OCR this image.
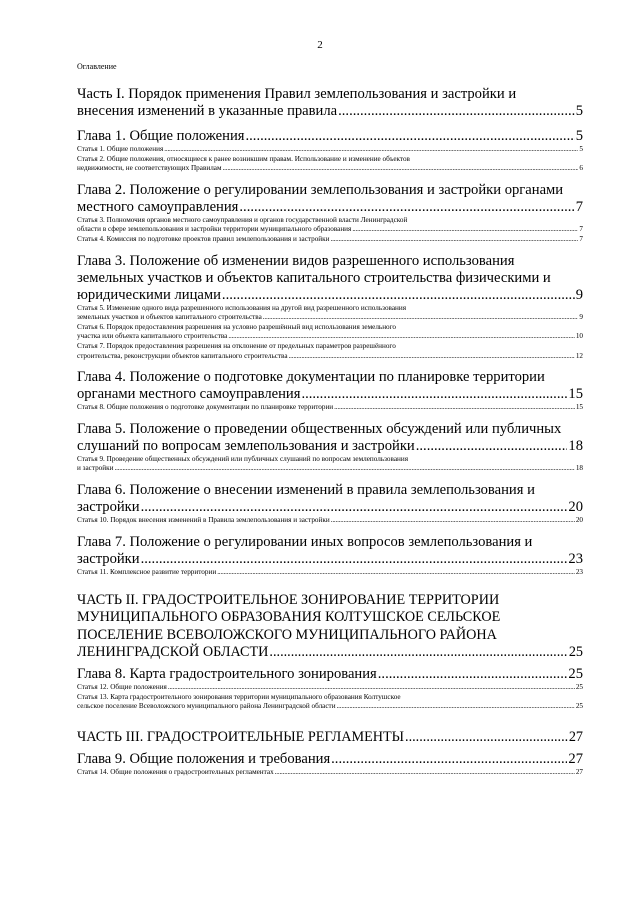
2
Оглавление
Часть I. Порядок применения Правил землепользования и застройки и
внесения изменений в указанные правила .....	5
Глава 1. Общие положения .....	5
Статья 1. Общие положения .....	5
Статья 2. Общие положения, относящиеся к ранее возникшим правам. Использование и изменение объектов
недвижимости, не соответствующих Правилам .....	6
Глава 2. Положение о регулировании землепользования и застройки органами
местного самоуправления .....	7
Статья 3. Полномочия органов местного самоуправления и органов государственной власти Ленинградской
области в сфере землепользования и застройки территории муниципального образования .....	7
Статья 4. Комиссия по подготовке проектов правил землепользования и застройки .....	7
Глава 3. Положение об изменении видов разрешенного использования земельных участков и объектов капитального строительства физическими и
юридическими лицами .....	9
Статья 5. Изменение одного вида разрешенного использования на другой вид разрешенного использования
земельных участков и объектов капитального строительства .....	9
Статья 6. Порядок предоставления разрешения на условно разрешённый вид использования земельного
участка или объекта капитального строительства .....	10
Статья 7. Порядок предоставления разрешения на отклонение от предельных параметров разрешённого
строительства, реконструкции объектов капитального строительства .....	12
Глава 4. Положение о подготовке документации по планировке территории
органами местного самоуправления .....	15
Статья 8. Общие положения о подготовке документации по планировке территории .....	15
Глава 5. Положение о проведении общественных обсуждений или публичных
слушаний по вопросам землепользования и застройки .....	18
Статья 9. Проведение общественных обсуждений или публичных слушаний по вопросам землепользования
и застройки .....	18
Глава 6. Положение о внесении изменений в правила землепользования и
застройки .....	20
Статья 10. Порядок внесения изменений в Правила землепользования и застройки .....	20
Глава 7. Положение о регулировании иных вопросов землепользования и
застройки .....	23
Статья 11. Комплексное развитие территории .....	23
ЧАСТЬ II. ГРАДОСТРОИТЕЛЬНОЕ ЗОНИРОВАНИЕ ТЕРРИТОРИИ МУНИЦИПАЛЬНОГО ОБРАЗОВАНИЯ КОЛТУШСКОЕ СЕЛЬСКОЕ ПОСЕЛЕНИЕ ВСЕВОЛОЖСКОГО МУНИЦИПАЛЬНОГО РАЙОНА
ЛЕНИНГРАДСКОЙ ОБЛАСТИ .....	25
Глава 8. Карта градостроительного зонирования .....	25
Статья 12. Общие положения .....	25
Статья 13. Карта градостроительного зонирования территории муниципального образования Колтушское
сельское поселение Всеволожского муниципального района Ленинградской области .....	25
ЧАСТЬ III. ГРАДОСТРОИТЕЛЬНЫЕ РЕГЛАМЕНТЫ .....	27
Глава 9. Общие положения и требования .....	27
Статья 14. Общие положения о градостроительных регламентах .....	27
